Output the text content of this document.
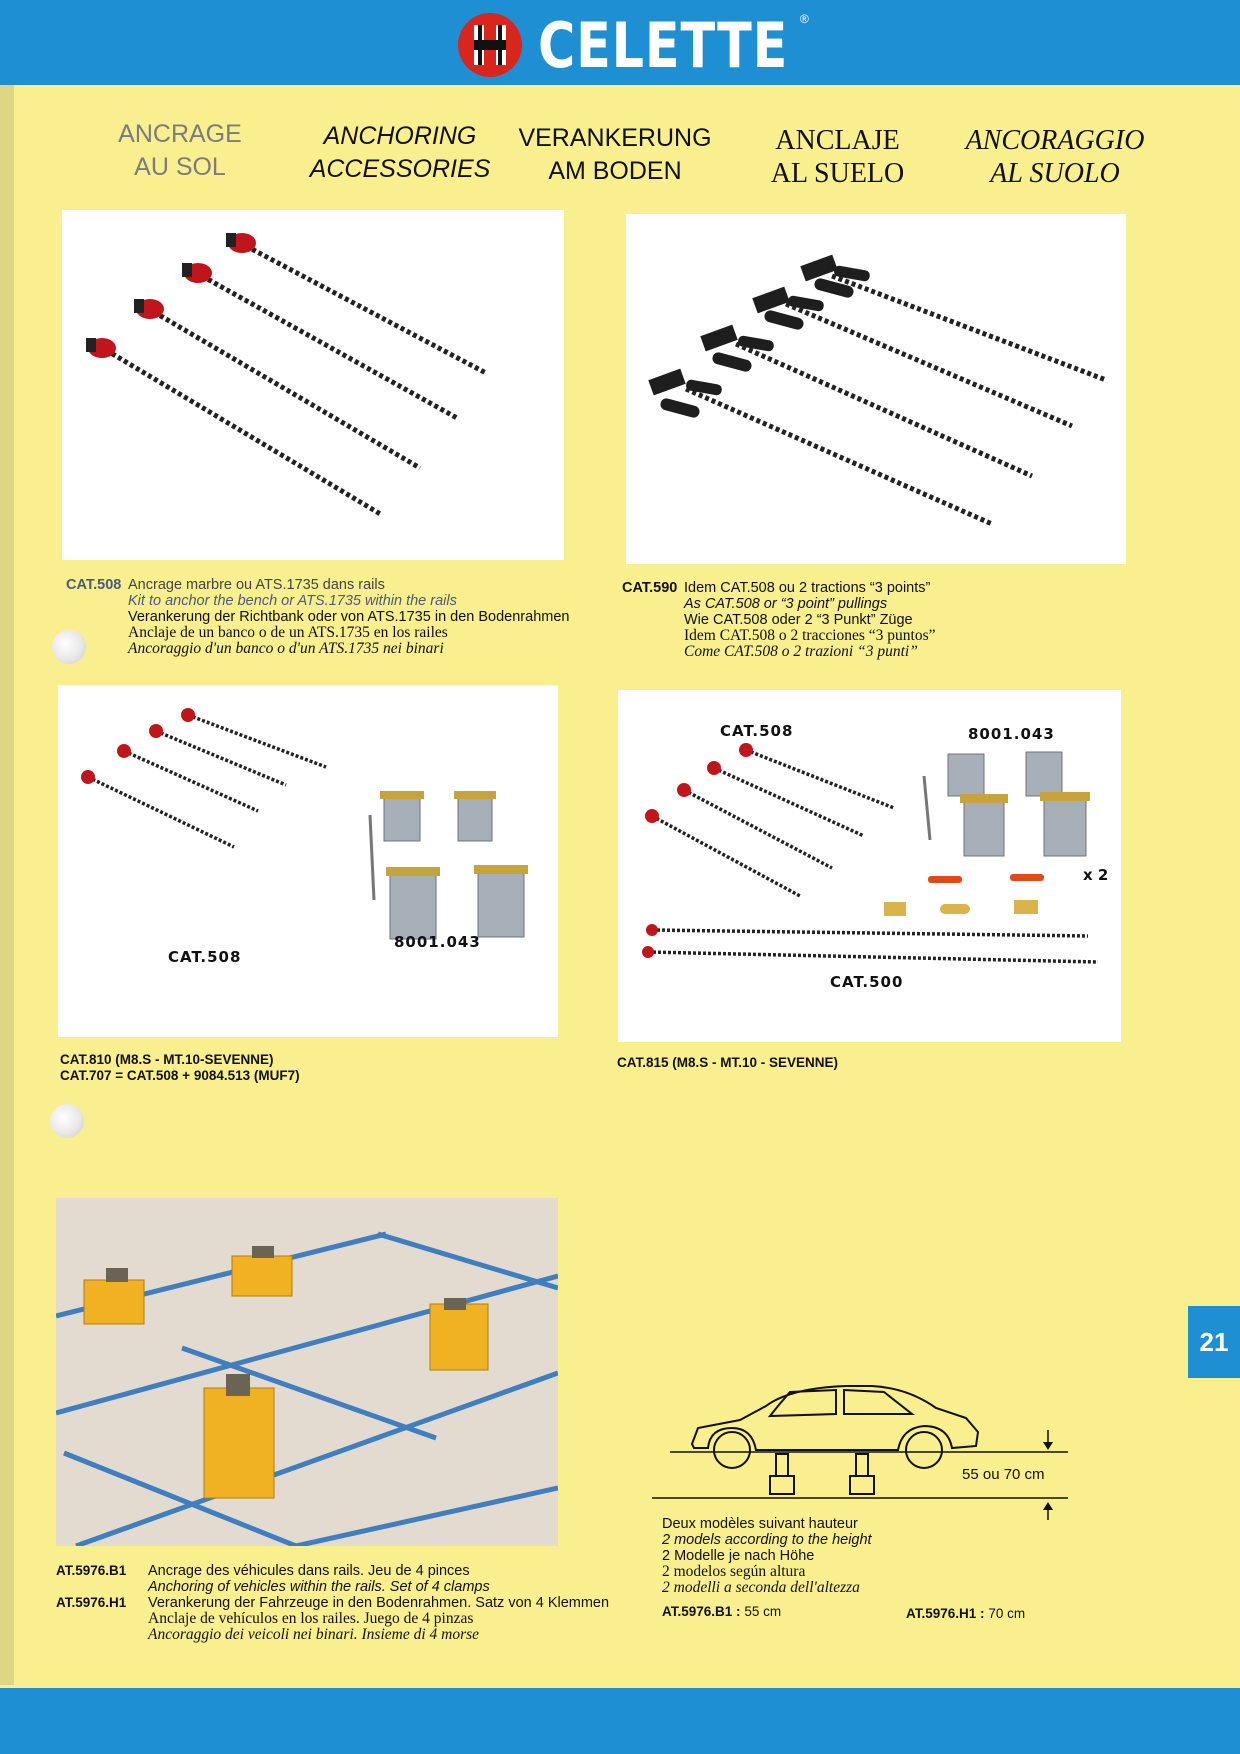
CELETTE ®
ANCRAGE
AU SOL
ANCHORING
ACCESSORIES
VERANKERUNG
AM BODEN
ANCLAJE
AL SUELO
ANCORAGGIO
AL SUOLO
CAT.508
8001.043
CAT.508	8001.043
x 2
CAT.500
CAT.508 Ancrage marbre ou ATS.1735 dans rails
Kit to anchor the bench or ATS.1735 within the rails
Verankerung der Richtbank oder von ATS.1735 in den Bodenrahmen
Anclaje de un banco o de un ATS.1735 en los railes
Ancoraggio d'un banco o d'un ATS.1735 nei binari
CAT.590 Idem CAT.508 ou 2 tractions “3 points”
As CAT.508 or “3 point” pullings
Wie CAT.508 oder 2 “3 Punkt” Züge
Idem CAT.508 o 2 tracciones “3 puntos”
Come CAT.508 o 2 trazioni “3 punti”
CAT.810 (M8.S - MT.10-SEVENNE)
CAT.707 = CAT.508 + 9084.513 (MUF7)
CAT.815 (M8.S - MT.10 - SEVENNE)
AT.5976.B1
AT.5976.H1
Ancrage des véhicules dans rails. Jeu de 4 pinces
Anchoring of vehicles within the rails. Set of 4 clamps
Verankerung der Fahrzeuge in den Bodenrahmen. Satz von 4 Klemmen
Anclaje de vehículos en los railes. Juego de 4 pinzas
Ancoraggio dei veicoli nei binari. Insieme di 4 morse
55 ou 70 cm
Deux modèles suivant hauteur
2 models according to the height
2 Modelle je nach Höhe
2 modelos según altura
2 modelli a seconda dell'altezza
AT.5976.B1 : 55 cm	AT.5976.H1 : 70 cm
21
